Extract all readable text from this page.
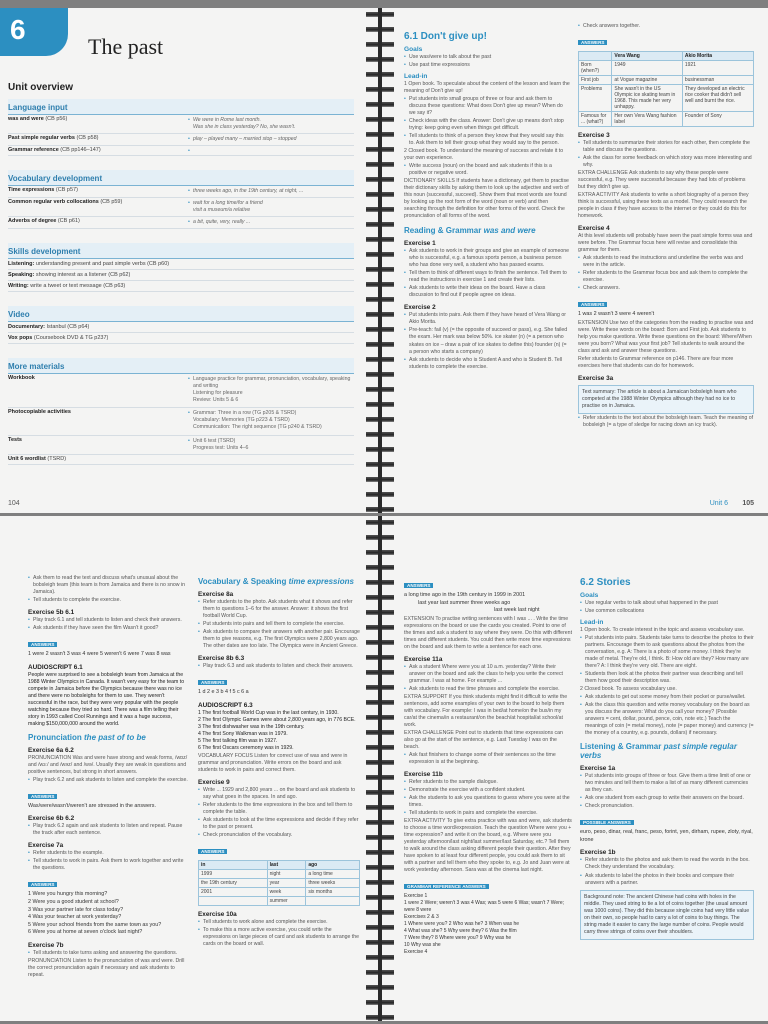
6
The past
Unit overview
Language input
was and were (CB p56)	• We were in Rome last month.
Was she in class yesterday? No, she wasn't.
Past simple regular verbs (CB p58)	• play – played many – married stop – stopped
Grammar reference (CB pp146–147)
•
Vocabulary development
Time expressions (CB p57)	• three weeks ago, in the 19th century, at night, ...
Common regular verb collocations (CB p59)	• wait for a long time/for a friend
visit a museum/a relative
Adverbs of degree (CB p61)	• a bit, quite, very, really ...
Skills development
Listening: understanding present and past simple verbs (CB p60)
Speaking: showing interest as a listener (CB p62)
Writing: write a tweet or text message (CB p63)
Video
Documentary: Istanbul (CB p64)
Vox pops (Coursebook DVD & TG p237)
More materials
Workbook	• Language practice for grammar, pronunciation, vocabulary, speaking and writing
Listening for pleasure
Review: Units 5 & 6
Photocopiable activities	• Grammar: Three in a row (TG p205 & TSRD)
Vocabulary: Memories (TG p223 & TSRD)
Communication: The right sequence (TG p240 & TSRD)
Tests	• Unit 6 test (TSRD)
Progress test: Units 4–6
Unit 6 wordlist (TSRD)
104
6.1 Don't give up!
Goals
• Use was/were to talk about the past
• Use past time expressions
Lead-in
1 Open book. To speculate about the content of the lesson and learn the meaning of Don't give up!
• Put students into small groups of three or four and ask them to discuss these questions: What does Don't give up mean? When do we say it?
• Check ideas with the class. Answer: Don't give up means don't stop trying: keep going even when things get difficult.
• Tell students to think of a person they know that they would say this to. Ask them to tell their group what they would say to the person.
2 Closed book. To understand the meaning of success and relate it to your own experience.
• Write success (noun) on the board and ask students if this is a positive or negative word.
DICTIONARY SKILLS If students have a dictionary, get them to practise their dictionary skills by asking them to look up the adjective and verb of this noun (successful, succeed). Show them that most words are found by looking up the root form of the word (noun or verb) and then searching through the definition for other forms of the word. Check the pronunciation of all forms of the word.
Reading & Grammar was and were
Exercise 1
• Ask students to work in their groups and give an example of someone who is successful, e.g. a famous sports person, a business person who has done very well, a student who has passed exams.
• Tell them to think of different ways to finish the sentence. Tell them to read the instructions in exercise 1 and create their lists.
• Ask students to write their ideas on the board. Have a class discussion to find out if people agree on ideas.
Exercise 2
• Put students into pairs. Ask them if they have heard of Vera Wang or Akio Morita.
• Pre-teach: fail (v) (= the opposite of succeed or pass), e.g. She failed the exam. Her mark was below 50%. ice skater (n) (= a person who skates on ice – draw a pair of ice skates to define this) founder (n) (= a person who starts a company)
• Ask students to decide who is Student A and who is Student B. Tell students to complete the exercise.
• Check answers together.
ANSWERS
	Vera Wang	Akio Morita
Born (when?)	1949	1921
First job	at Vogue magazine	businessman
Problems	She wasn't in the US Olympic ice skating team in 1968. This made her very unhappy.	They developed an electric rice cooker that didn't sell well and burnt the rice.
Famous for ... (what?)	Her own Vera Wang fashion label	Founder of Sony
Exercise 3
• Tell students to summarize their stories for each other, then complete the table and discuss the questions.
• Ask the class for some feedback on which story was more interesting and why.
EXTRA CHALLENGE Ask students to say why these people were successful, e.g. They were successful because they had lots of problems but they didn't give up.
EXTRA ACTIVITY Ask students to write a short biography of a person they think is successful, using these texts as a model. They could research the people in class if they have access to the internet or they could do this for homework.
Exercise 4
At this level students will probably have seen the past simple forms was and were before. The Grammar focus here will revise and consolidate this grammar for them.
• Ask students to read the instructions and underline the verbs was and were in the article.
• Refer students to the Grammar focus box and ask them to complete the exercise.
• Check answers.
ANSWERS
1 was 2 wasn't 3 were 4 weren't
EXTENSION Use two of the categories from the reading to practise was and were. Write these words on the board: Born and First job. Ask students to help you make questions. Write these questions on the board: Where/When were you born? What was your first job? Tell students to walk around the class and ask and answer these questions.
Refer students to Grammar reference on p146. There are four more exercises here that students can do for homework.
Exercise 3a
Text summary: The article is about a Jamaican bobsleigh team who competed at the 1988 Winter Olympics although they had no ice to practise on in Jamaica.
• Refer students to the text about the bobsleigh team. Teach the meaning of bobsleigh (= a type of sledge for racing down an icy track).
Unit 6 105
• Ask them to read the text and discuss what's unusual about the bobsleigh team (this team is from Jamaica and there is no snow in Jamaica).
• Tell students to complete the exercise.
Exercise 5b 6.1
• Play track 6.1 and tell students to listen and check their answers.
• Ask students if they have seen the film Wasn't it good?
ANSWERS
1 were 2 wasn't 3 was 4 were 5 weren't 6 were 7 was 8 was
AUDIOSCRIPT 6.1
People were surprised to see a bobsleigh team from Jamaica at the 1988 Winter Olympics in Canada. It wasn't very easy for the team to compete in Jamaica before the Olympics because there was no ice and there were no bobsleighs for them to use. They weren't successful in the race, but they were very popular with the people watching because they tried so hard. There was a film telling their story in 1993 called Cool Runnings and it was a huge success, making $150,000,000 around the world.
Pronunciation the past of to be
Exercise 6a 6.2
PRONUNCIATION Was and were have strong and weak forms, /wɒz/ and /wɜː/ and /wəz/ and /wə/. Usually they are weak in questions and positive sentences, but strong in short answers.
• Play track 6.2 and ask students to listen and complete the exercise.
ANSWERS
Was/were/wasn't/weren't are stressed in the answers.
Exercise 6b 6.2
• Play track 6.2 again and ask students to listen and repeat. Pause the track after each sentence.
Exercise 7a
• Refer students to the example.
• Tell students to work in pairs. Ask them to work together and write the questions.
ANSWERS
1 Were you hungry this morning?
2 Were you a good student at school?
3 Was your partner late for class today?
4 Was your teacher at work yesterday?
5 Were your school friends from the same town as you?
6 Were you at home at seven o'clock last night?
Exercise 7b
• Tell students to take turns asking and answering the questions.
PRONUNCIATION Listen to the pronunciation of was and were. Drill the correct pronunciation again if necessary and ask students to repeat.
Vocabulary & Speaking time expressions
Exercise 8a
• Refer students to the photo. Ask students what it shows and refer them to questions 1–6 for the answer. Answer: it shows the first football World Cup.
• Put students into pairs and tell them to complete the exercise.
• Ask students to compare their answers with another pair. Encourage them to give reasons, e.g. The first Olympics were 2,800 years ago. The other dates are too late. The Olympics were in Ancient Greece.
Exercise 8b 6.3
• Play track 6.3 and ask students to listen and check their answers.
ANSWERS
1 d 2 e 3 b 4 f 5 c 6 a
AUDIOSCRIPT 6.3
1 The first football World Cup was in the last century, in 1930.
2 The first Olympic Games were about 2,800 years ago, in 776 BCE.
3 The first dishwasher was in the 19th century.
4 The first Sony Walkman was in 1979.
5 The first talking film was in 1927.
6 The first Oscars ceremony was in 1929.
VOCABULARY FOCUS Listen for correct use of was and were in grammar and pronunciation. Write errors on the board and ask students to work in pairs and correct them.
Exercise 9
• Write ... 1929 and 2,800 years ... on the board and ask students to say what goes in the spaces. In and ago.
• Refer students to the time expressions in the box and tell them to complete the table.
• Ask students to look at the time expressions and decide if they refer to the past or present.
• Check pronunciation of the vocabulary.
ANSWERS
in	last	ago
1999	night	a long time
the 19th century	year	three weeks
2001	week	six months
	summer	
Exercise 10a
• Tell students to work alone and complete the exercise.
• To make this a more active exercise, you could write the expressions on large pieces of card and ask students to arrange the cards on the board or wall.
ANSWERS
a long time ago in the 19th century in 1999 in 2001
last year last summer three weeks ago
last week last night
EXTENSION To practise writing sentences with I was ... . Write the time expressions on the board or use the cards you created. Point to one of the times and ask a student to say where they were. Do this with different times and different students. You could then write more time expressions on the board and ask them to write a sentence for each one.
Exercise 11a
• Ask a student Where were you at 10 a.m. yesterday? Write their answer on the board and ask the class to help you write the correct grammar. I was at home. For example ...
• Ask students to read the time phrases and complete the exercise.
EXTRA SUPPORT If you think students might find it difficult to write the sentences, add some examples of your own to the board to help them with vocabulary. For example: I was in bed/at home/on the bus/in my car/at the cinema/in a restaurant/on the beach/at hospital/at school/at work.
EXTRA CHALLENGE Point out to students that time expressions can also go at the start of the sentence, e.g. Last Tuesday I was on the beach.
• Ask fast finishers to change some of their sentences so the time expression is at the beginning.
Exercise 11b
• Refer students to the sample dialogue.
• Demonstrate the exercise with a confident student.
• Ask the students to ask you questions to guess where you were at the times.
• Tell students to work in pairs and complete the exercise.
EXTRA ACTIVITY To give extra practice with was and were, ask students to choose a time word/expression. Teach the question Where were you + time expression? and write it on the board, e.g. Where were you yesterday afternoon/last night/last summer/last Saturday, etc.? Tell them to walk around the class asking different people their question. After they have spoken to at least four different people, you could ask them to sit with a partner and tell them who they spoke to, e.g. Jo and Juan were at work yesterday afternoon. Sara was at the cinema last night.
GRAMMAR REFERENCE ANSWERS
Exercise 1
1 were 2 Were; weren't 3 was 4 Was; was 5 were 6 Was; wasn't 7 Were; were 8 were
Exercises 2 & 3
1 Where were you? 2 Who was he? 3 When was he
4 What was she? 5 Why were they? 6 Was the film
7 Were they? 8 Where were you? 9 Why was he
10 Why was she
Exercise 4
6.2 Stories
Goals
• Use regular verbs to talk about what happened in the past
• Use common collocations
Lead-in
1 Open book. To create interest in the topic and assess vocabulary use.
• Put students into pairs. Students take turns to describe the photos to their partners. Encourage them to ask questions about the photos from the conversation, e.g. A: There is a photo of some money. I think they're made of metal. They're old, I think. B: How old are they? How many are there? A: I think they're very old. There are eight.
• Students then look at the photos their partner was describing and tell them how good their description was.
2 Closed book. To assess vocabulary use.
• Ask students to get out some money from their pocket or purse/wallet.
• Ask the class this question and write money vocabulary on the board as you discuss the answers: What do you call your money? (Possible answers = cent, dollar, pound, pence, coin, note etc.) Teach the meanings of coin (= metal money), note (= paper money) and currency (= the money of a country, e.g. pounds, dollars) if necessary.
Listening & Grammar past simple regular verbs
Exercise 1a
• Put students into groups of three or four. Give them a time limit of one or two minutes and tell them to make a list of as many different currencies as they can.
• Ask one student from each group to write their answers on the board.
• Check pronunciation.
POSSIBLE ANSWERS
euro, peso, dinar, real, franc, peso, forint, yen, dirham, rupee, zloty, riyal, krone
Exercise 1b
• Refer students to the photos and ask them to read the words in the box. Check they understand the vocabulary.
• Ask students to label the photos in their books and compare their answers with a partner.
Background note: The ancient Chinese had coins with holes in the middle. They used string to tie a lot of coins together (the usual amount was 1000 coins). They did this because single coins had very little value on their own, so people had to carry a lot of coins to buy things. The string made it easier to carry the large number of coins. People would carry three strings of coins over their shoulders.
